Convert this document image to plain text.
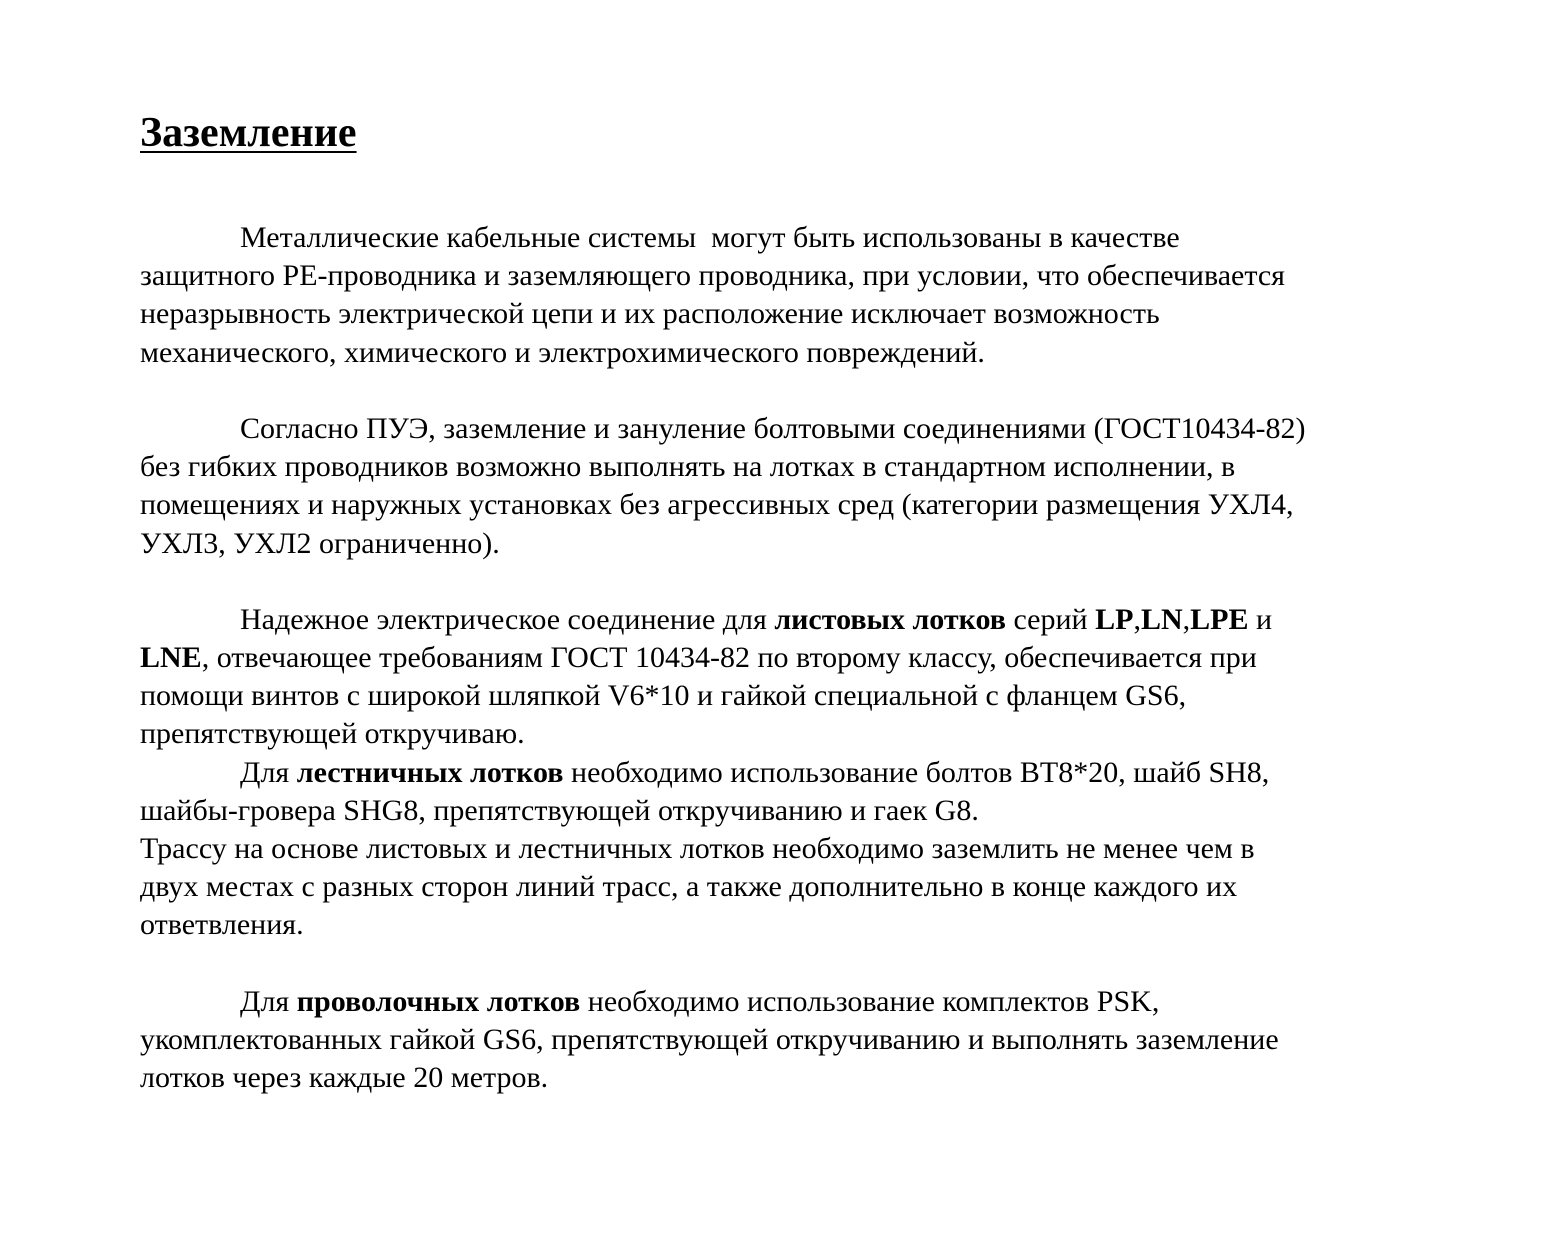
Заземление
Металлические кабельные системы  могут быть использованы в качестве
защитного PE-проводника и заземляющего проводника, при условии, что обеспечивается
неразрывность электрической цепи и их расположение исключает возможность
механического, химического и электрохимического повреждений.
Согласно ПУЭ, заземление и зануление болтовыми соединениями (ГОСТ10434-82)
без гибких проводников возможно выполнять на лотках в стандартном исполнении, в
помещениях и наружных установках без агрессивных сред (категории размещения УХЛ4,
УХЛ3, УХЛ2 ограниченно).
Надежное электрическое соединение для листовых лотков серий LP,LN,LPE и
LNE, отвечающее требованиям ГОСТ 10434-82 по второму классу, обеспечивается при
помощи винтов с широкой шляпкой V6*10 и гайкой специальной с фланцем GS6,
препятствующей откручиваю.
Для лестничных лотков необходимо использование болтов BT8*20, шайб SH8,
шайбы-гровера SHG8, препятствующей откручиванию и гаек G8.
Трассу на основе листовых и лестничных лотков необходимо заземлить не менее чем в
двух местах с разных сторон линий трасс, а также дополнительно в конце каждого их
ответвления.
Для проволочных лотков необходимо использование комплектов PSK,
укомплектованных гайкой GS6, препятствующей откручиванию и выполнять заземление
лотков через каждые 20 метров.
